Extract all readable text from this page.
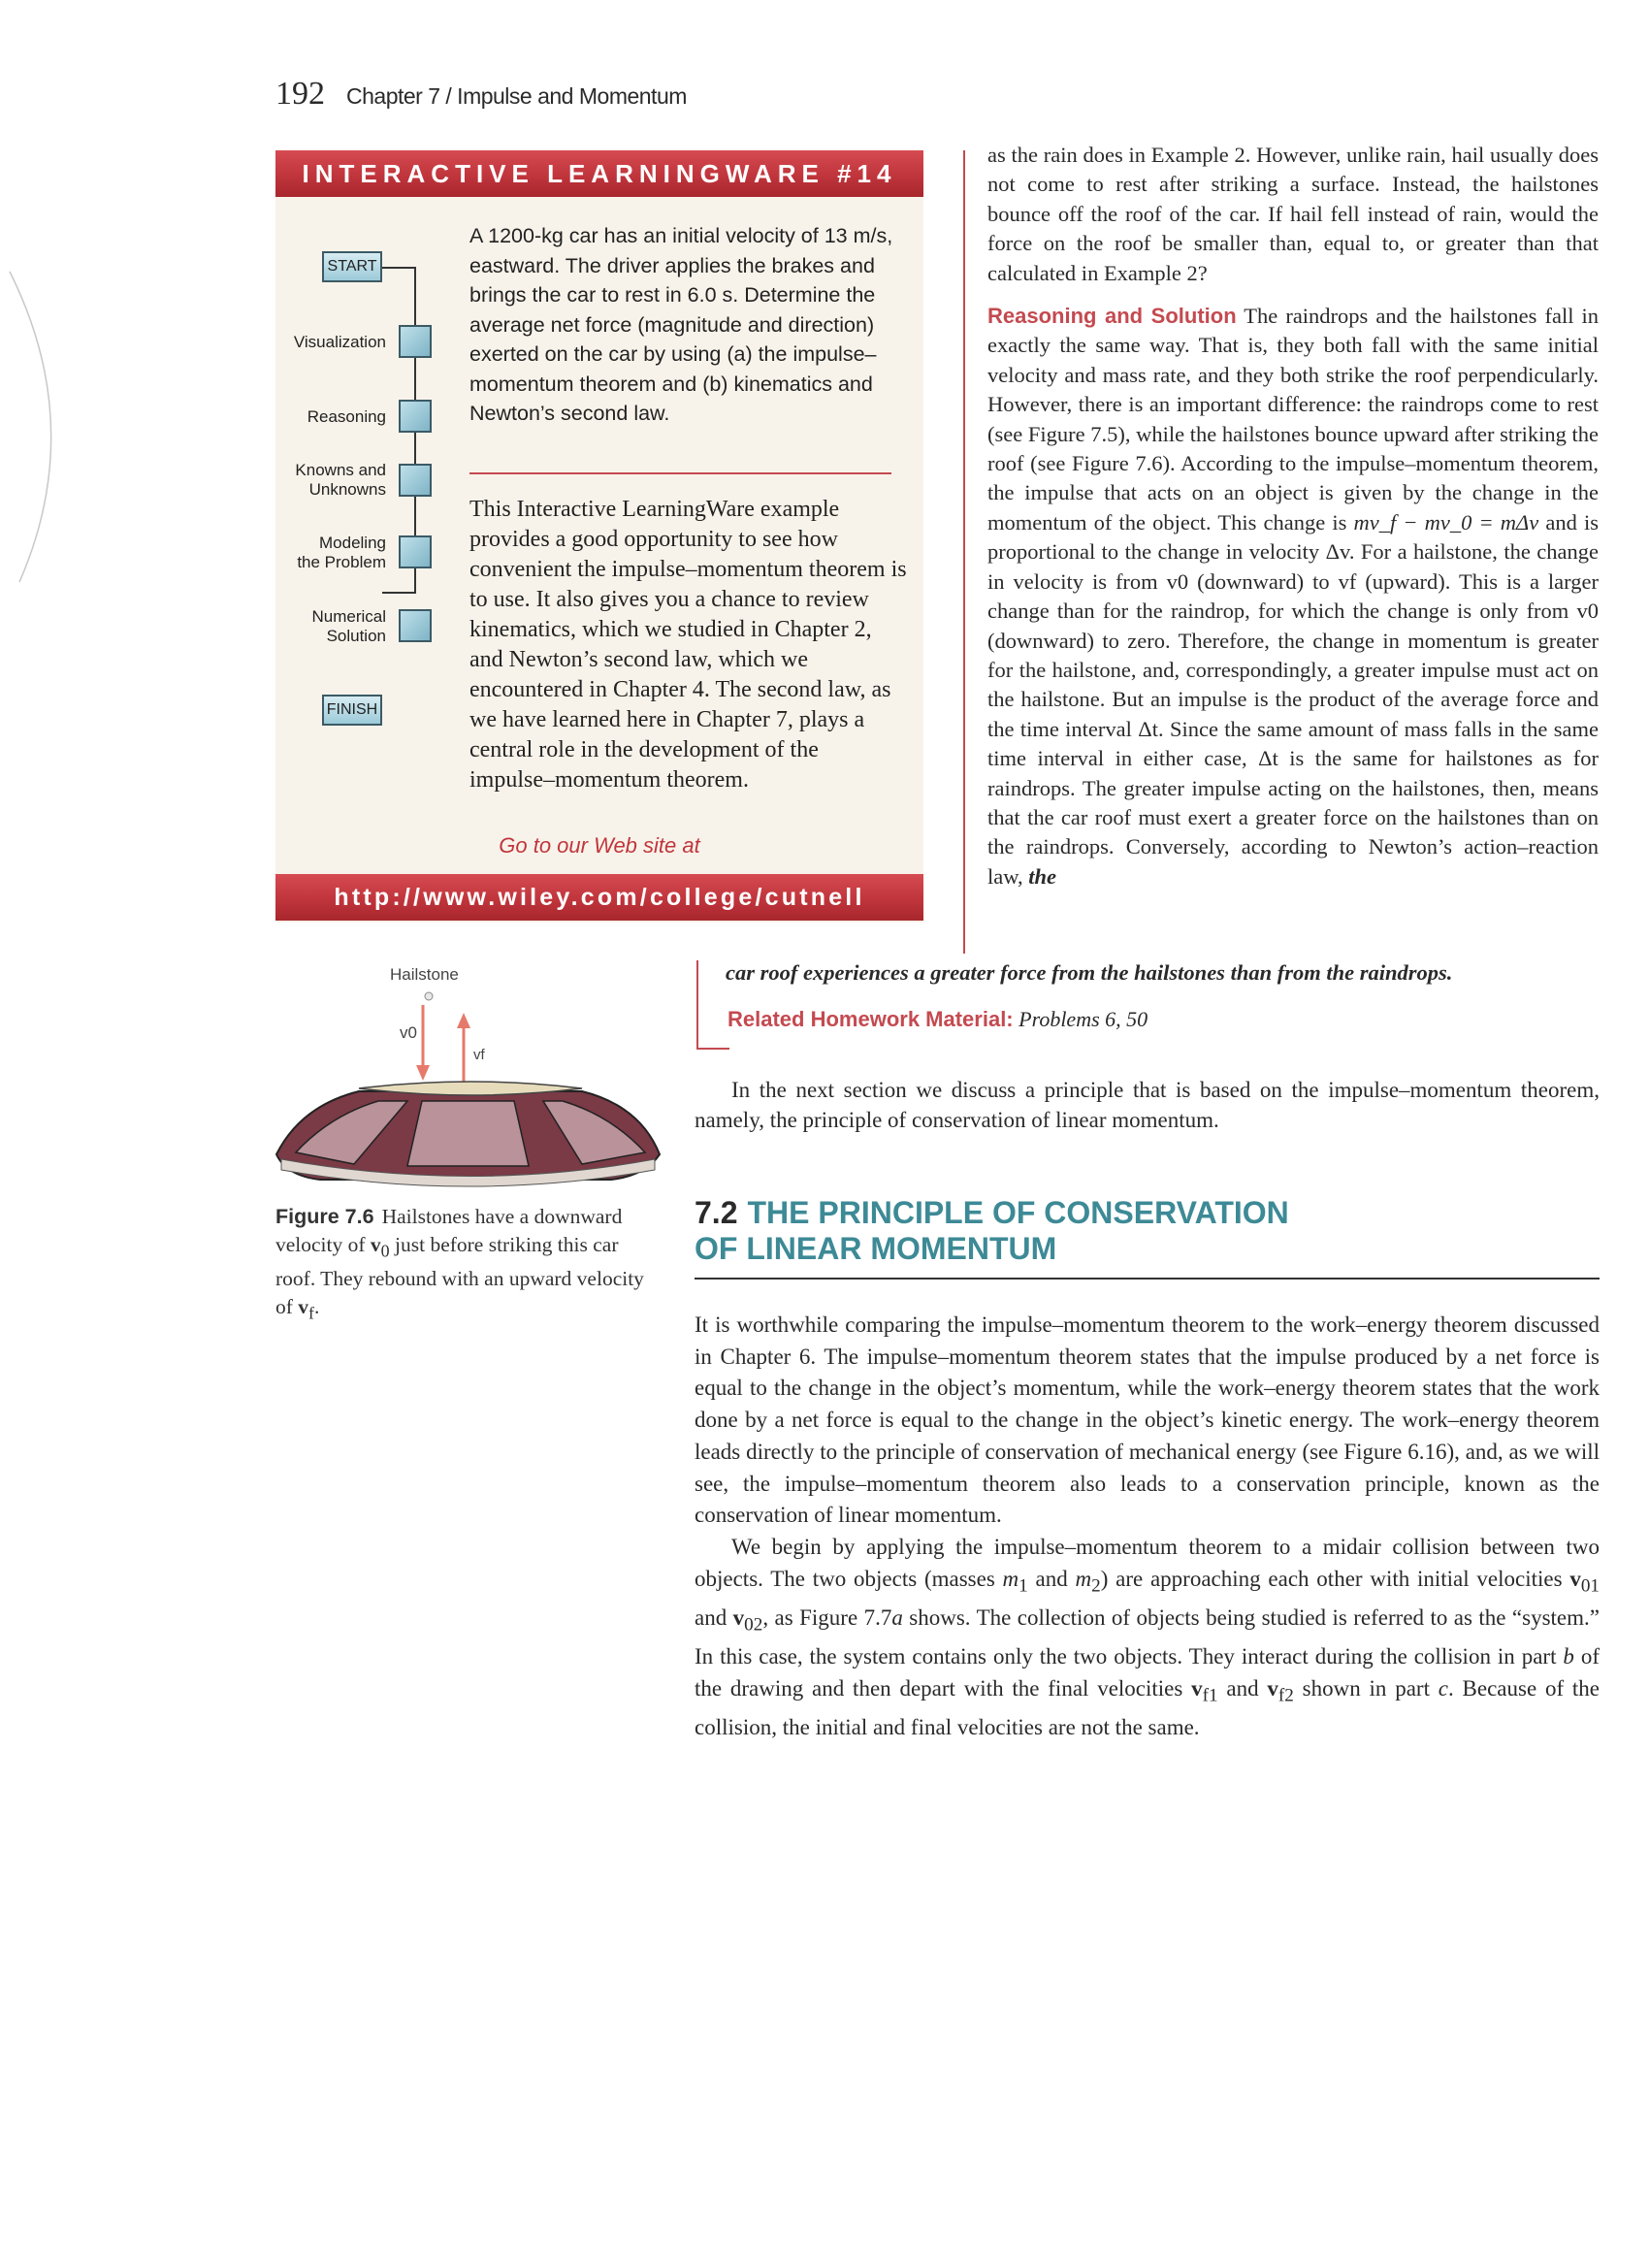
192 Chapter 7 / Impulse and Momentum
INTERACTIVE LEARNINGWARE #14
START
Visualization
Reasoning
Knowns and
Unknowns
Modeling
the Problem
Numerical
Solution
FINISH
A 1200-kg car has an initial velocity of 13 m/s, eastward. The driver applies the brakes and brings the car to rest in 6.0 s. Determine the average net force (magnitude and direction) exerted on the car by using (a) the impulse–momentum theorem and (b) kinematics and Newton’s second law.
This Interactive LearningWare example provides a good opportunity to see how convenient the impulse–momentum theorem is to use. It also gives you a chance to review kinematics, which we studied in Chapter 2, and Newton’s second law, which we encountered in Chapter 4. The second law, as we have learned here in Chapter 7, plays a central role in the development of the impulse–momentum theorem.
Go to our Web site at
http://www.wiley.com/college/cutnell

as the rain does in Example 2. However, unlike rain, hail usually does not come to rest after striking a surface. Instead, the hailstones bounce off the roof of the car. If hail fell instead of rain, would the force on the roof be smaller than, equal to, or greater than that calculated in Example 2?

Reasoning and Solution The raindrops and the hailstones fall in exactly the same way. That is, they both fall with the same initial velocity and mass rate, and they both strike the roof perpendicularly. However, there is an important difference: the raindrops come to rest (see Figure 7.5), while the hailstones bounce upward after striking the roof (see Figure 7.6). According to the impulse–momentum theorem, the impulse that acts on an object is given by the change in the momentum of the object. This change is mv_f − mv_0 = mΔv and is proportional to the change in velocity Δv. For a hailstone, the change in velocity is from v0 (downward) to vf (upward). This is a larger change than for the raindrop, for which the change is only from v0 (downward) to zero. Therefore, the change in momentum is greater for the hailstone, and, correspondingly, a greater impulse must act on the hailstone. But an impulse is the product of the average force and the time interval Δt. Since the same amount of mass falls in the same time interval in either case, Δt is the same for hailstones as for raindrops. The greater impulse acting on the hailstones, then, means that the car roof must exert a greater force on the hailstones than on the raindrops. Conversely, according to Newton’s action–reaction law, the

car roof experiences a greater force from the hailstones than from the raindrops.
Related Homework Material: Problems 6, 50
In the next section we discuss a principle that is based on the impulse–momentum theorem, namely, the principle of conservation of linear momentum.
7.2 THE PRINCIPLE OF CONSERVATION
OF LINEAR MOMENTUM

It is worthwhile comparing the impulse–momentum theorem to the work–energy theorem discussed in Chapter 6. The impulse–momentum theorem states that the impulse produced by a net force is equal to the change in the object’s momentum, while the work–energy theorem states that the work done by a net force is equal to the change in the object’s kinetic energy. The work–energy theorem leads directly to the principle of conservation of mechanical energy (see Figure 6.16), and, as we will see, the impulse–momentum theorem also leads to a conservation principle, known as the conservation of linear momentum.

We begin by applying the impulse–momentum theorem to a midair collision between two objects. The two objects (masses $m_1$ and $m_2$) are approaching each other with initial velocities $v_{01}$ and $v_{02}$, as Figure 7.7a shows. The collection of objects being studied is referred to as the “system.” In this case, the system contains only the two objects. They interact during the collision in part b of the drawing and then depart with the final velocities $v_{f1}$ and $v_{f2}$ shown in part c. Because of the collision, the initial and final velocities are not the same.

Hailstone
v0
vf
Figure 7.6 Hailstones have a downward velocity of $v_0$ just before striking this car roof. They rebound with an upward velocity of $v_f$.
